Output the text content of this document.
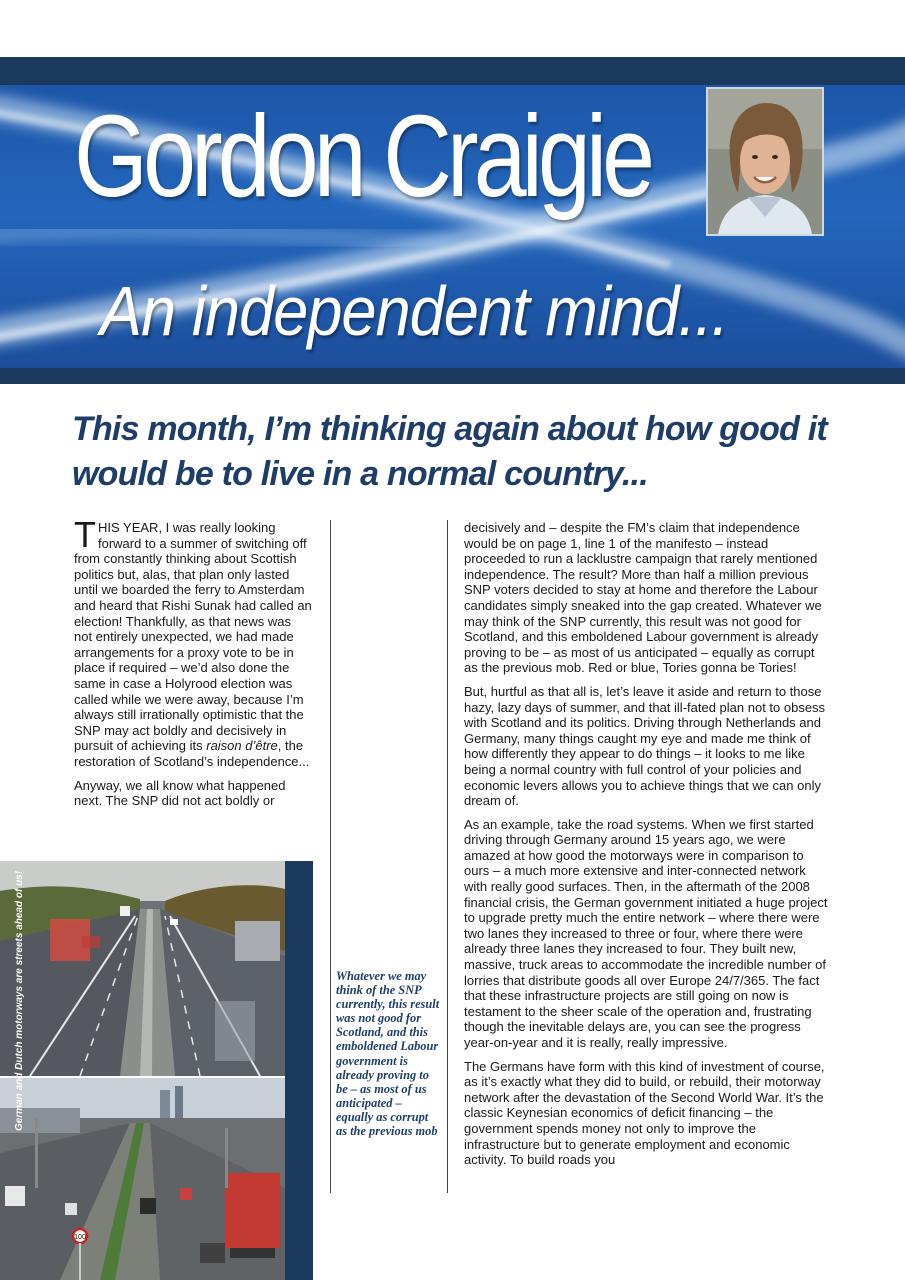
Gordon Craigie
An independent mind...
This month, I’m thinking again about how good it would be to live in a normal country...

THIS YEAR, I was really looking forward to a summer of switching off from constantly thinking about Scottish politics but, alas, that plan only lasted until we boarded the ferry to Amsterdam and heard that Rishi Sunak had called an election! Thankfully, as that news was not entirely unexpected, we had made arrangements for a proxy vote to be in place if required – we’d also done the same in case a Holyrood election was called while we were away, because I’m always still irrationally optimistic that the SNP may act boldly and decisively in pursuit of achieving its raison d’être, the restoration of Scotland’s independence...

Anyway, we all know what happened next. The SNP did not act boldly or

Whatever we may think of the SNP currently, this result was not good for Scotland, and this emboldened Labour government is already proving to be – as most of us anticipated – equally as corrupt as the previous mob

decisively and – despite the FM’s claim that independence would be on page 1, line 1 of the manifesto – instead proceeded to run a lacklustre campaign that rarely mentioned independence. The result? More than half a million previous SNP voters decided to stay at home and therefore the Labour candidates simply sneaked into the gap created. Whatever we may think of the SNP currently, this result was not good for Scotland, and this emboldened Labour government is already proving to be – as most of us anticipated – equally as corrupt as the previous mob. Red or blue, Tories gonna be Tories!

But, hurtful as that all is, let’s leave it aside and return to those hazy, lazy days of summer, and that ill-fated plan not to obsess with Scotland and its politics. Driving through Netherlands and Germany, many things caught my eye and made me think of how differently they appear to do things – it looks to me like being a normal country with full control of your policies and economic levers allows you to achieve things that we can only dream of.

As an example, take the road systems. When we first started driving through Germany around 15 years ago, we were amazed at how good the motorways were in comparison to ours – a much more extensive and inter-connected network with really good surfaces. Then, in the aftermath of the 2008 financial crisis, the German government initiated a huge project to upgrade pretty much the entire network – where there were two lanes they increased to three or four, where there were already three lanes they increased to four. They built new, massive, truck areas to accommodate the incredible number of lorries that distribute goods all over Europe 24/7/365. The fact that these infrastructure projects are still going on now is testament to the sheer scale of the operation and, frustrating though the inevitable delays are, you can see the progress year-on-year and it is really, really impressive.

The Germans have form with this kind of investment of course, as it’s exactly what they did to build, or rebuild, their motorway network after the devastation of the Second World War. It’s the classic Keynesian economics of deficit financing – the government spends money not only to improve the infrastructure but to generate employment and economic activity. To build roads you

100
German and Dutch motorways are streets ahead of us!
